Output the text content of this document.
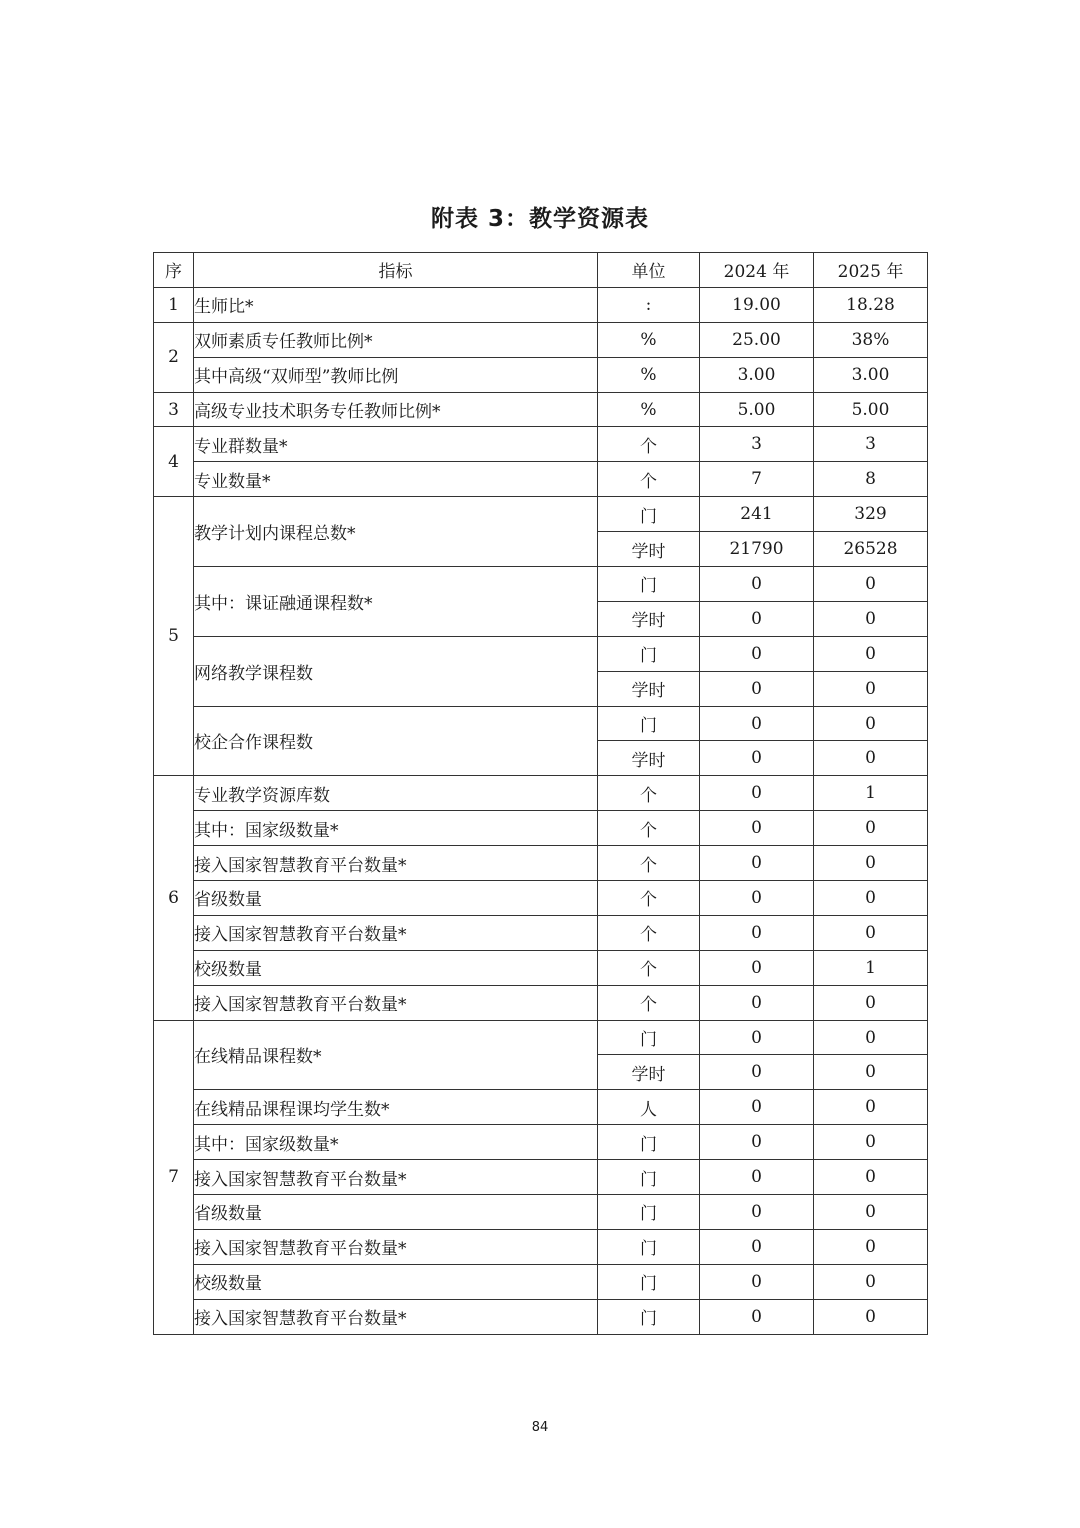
附表 3：教学资源表
序	指标	单位	2024 年	2025 年
1	生师比*	:	19.00	18.28
2	双师素质专任教师比例*	%	25.00	38%
	其中高级“双师型”教师比例	%	3.00	3.00
3	高级专业技术职务专任教师比例*	%	5.00	5.00
4	专业群数量*	个	3	3
	专业数量*	个	7	8
5	教学计划内课程总数*	门	241	329
		学时	21790	26528
	其中：课证融通课程数*	门	0	0
		学时	0	0
	网络教学课程数	门	0	0
		学时	0	0
	校企合作课程数	门	0	0
		学时	0	0
6	专业教学资源库数	个	0	1
	其中：国家级数量*	个	0	0
	接入国家智慧教育平台数量*	个	0	0
	省级数量	个	0	0
	接入国家智慧教育平台数量*	个	0	0
	校级数量	个	0	1
	接入国家智慧教育平台数量*	个	0	0
7	在线精品课程数*	门	0	0
		学时	0	0
	在线精品课程课均学生数*	人	0	0
	其中：国家级数量*	门	0	0
	接入国家智慧教育平台数量*	门	0	0
	省级数量	门	0	0
	接入国家智慧教育平台数量*	门	0	0
	校级数量	门	0	0
	接入国家智慧教育平台数量*	门	0	0
84
